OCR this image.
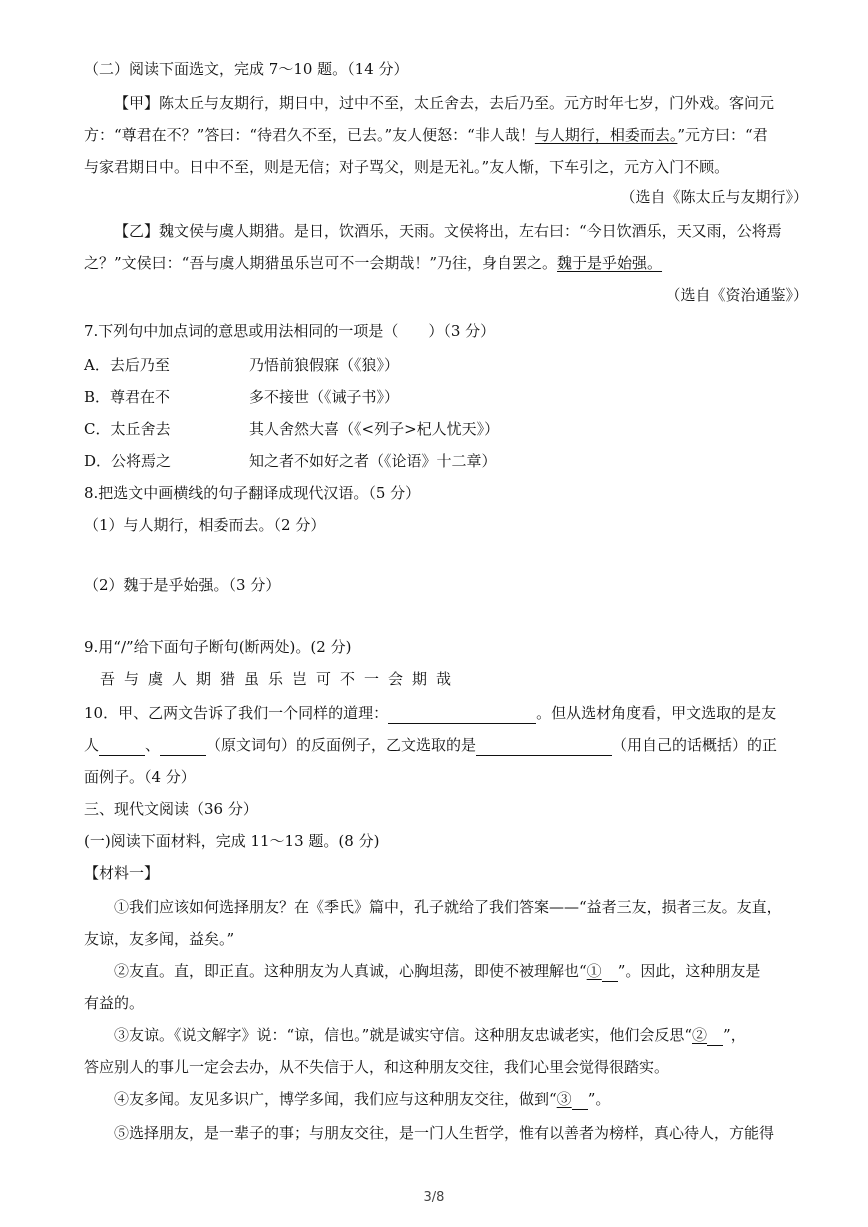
（二）阅读下面选文，完成 7～10 题。（14 分）
【甲】陈太丘与友期行，期日中，过中不至，太丘舍去，去后乃至。元方时年七岁，门外戏。客问元
方：“尊君在不？”答曰：“待君久不至，已去。”友人便怒：“非人哉！与人期行，相委而去。”元方曰：“君
与家君期日中。日中不至，则是无信；对子骂父，则是无礼。”友人惭，下车引之，元方入门不顾。
（选自《陈太丘与友期行》）
【乙】魏文侯与虞人期猎。是日，饮酒乐，天雨。文侯将出，左右曰：“今日饮酒乐，天又雨，公将焉
之？”文侯曰：“吾与虞人期猎虽乐岂可不一会期哉！”乃往，身自罢之。魏于是乎始强。
（选自《资治通鉴》）
7.下列句中加点词的意思或用法相同的一项是（　　）（3 分）
A．去后乃至	乃悟前狼假寐（《狼》）
B．尊君在不	多不接世（《诫子书》）
C．太丘舍去	其人舍然大喜（《<列子>杞人忧天》）
D．公将焉之	知之者不如好之者（《论语》十二章）
8.把选文中画横线的句子翻译成现代汉语。（5 分）
（1）与人期行，相委而去。（2 分）
（2）魏于是乎始强。（3 分）
9.用“/”给下面句子断句(断两处)。(2 分)
吾与虞人期猎虽乐岂可不一会期哉
10．甲、乙两文告诉了我们一个同样的道理：	。但从选材角度看，甲文选取的是友
人	、	（原文词句）的反面例子，乙文选取的是	（用自己的话概括）的正
面例子。（4 分）
三、现代文阅读（36 分）
(一)阅读下面材料，完成 11～13 题。(8 分)
【材料一】
①我们应该如何选择朋友？在《季氏》篇中，孔子就给了我们答案——“益者三友，损者三友。友直，
友谅，友多闻，益矣。”
②友直。直，即正直。这种朋友为人真诚，心胸坦荡，即使不被理解也“① ”。因此，这种朋友是
有益的。
③友谅。《说文解字》说：“谅，信也。”就是诚实守信。这种朋友忠诚老实，他们会反思“② ”，
答应别人的事儿一定会去办，从不失信于人，和这种朋友交往，我们心里会觉得很踏实。
④友多闻。友见多识广，博学多闻，我们应与这种朋友交往，做到“③ ”。
⑤选择朋友，是一辈子的事；与朋友交往，是一门人生哲学，惟有以善者为榜样，真心待人，方能得
3/8
